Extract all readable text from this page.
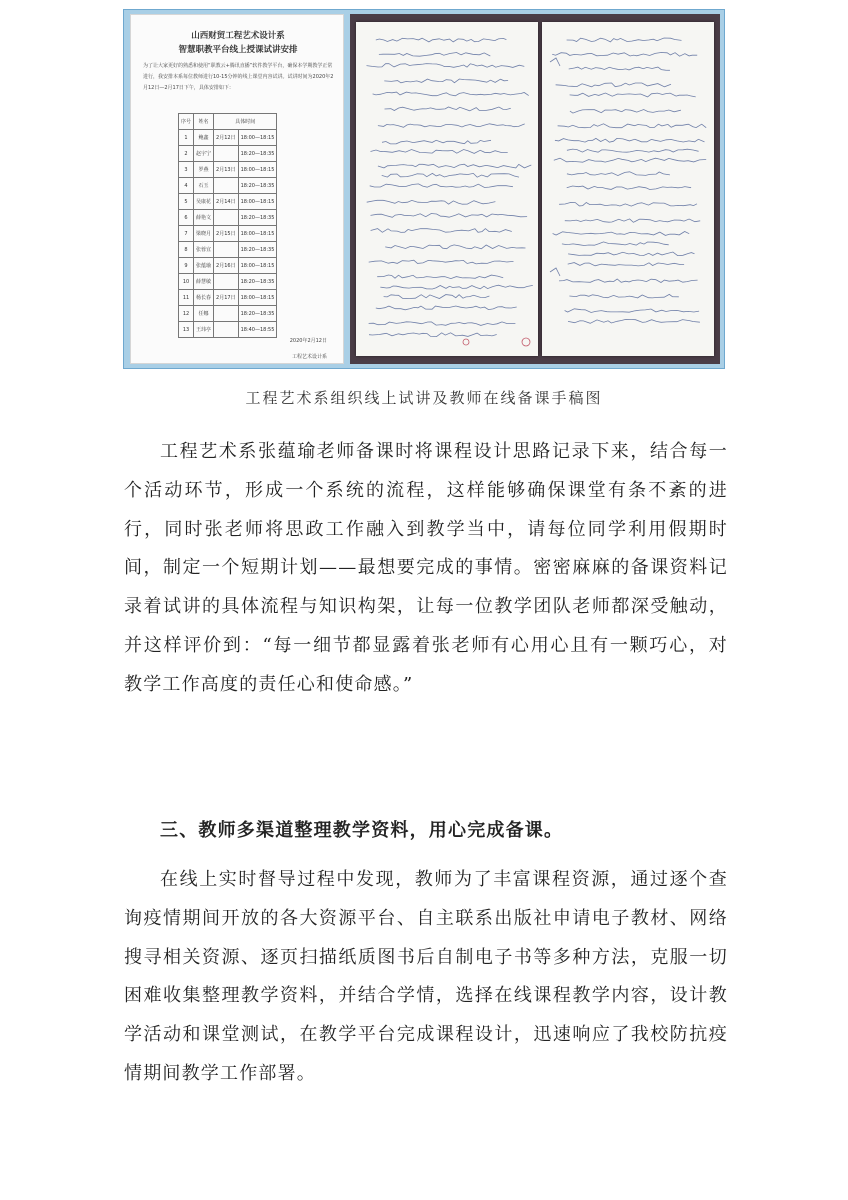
山西财贸工程艺术设计系
智慧职教平台线上授课试讲安排
为了让大家更好的熟悉和使用“职教云+腾讯直播”软件教学平台，确保本学期教学正常进行，我安排本系每位教师进行10-15分钟的线上课堂内容试讲。试讲时间为2020年2月12日—2月17日下午，具体安排如下：
序号	姓名	具体时间	
1	鲍鑫	2月12日	18:00—18:15
2	赵宇宁		18:20—18:35
3	罗燕	2月13日	18:00—18:15
4	石玉		18:20—18:35
5	吴康花	2月14日	18:00—18:15
6	薛艳文		18:20—18:35
7	梁晓月	2月15日	18:00—18:15
8	张蓉宜		18:20—18:35
9	张蕴瑜	2月16日	18:00—18:15
10	薛慧敏		18:20—18:35
11	杨长春	2月17日	18:00—18:15
12	任娜		18:20—18:35
13	王玮亭		18:40—18:55
2020年2月12日
工程艺术设计系
工程艺术系组织线上试讲及教师在线备课手稿图

工程艺术系张蕴瑜老师备课时将课程设计思路记录下来，结合每一个活动环节，形成一个系统的流程，这样能够确保课堂有条不紊的进行，同时张老师将思政工作融入到教学当中，请每位同学利用假期时间，制定一个短期计划——最想要完成的事情。密密麻麻的备课资料记录着试讲的具体流程与知识构架，让每一位教学团队老师都深受触动，并这样评价到：“每一细节都显露着张老师有心用心且有一颗巧心，对教学工作高度的责任心和使命感。”

三、教师多渠道整理教学资料，用心完成备课。

在线上实时督导过程中发现，教师为了丰富课程资源，通过逐个查询疫情期间开放的各大资源平台、自主联系出版社申请电子教材、网络搜寻相关资源、逐页扫描纸质图书后自制电子书等多种方法，克服一切困难收集整理教学资料，并结合学情，选择在线课程教学内容，设计教学活动和课堂测试，在教学平台完成课程设计，迅速响应了我校防抗疫情期间教学工作部署。
